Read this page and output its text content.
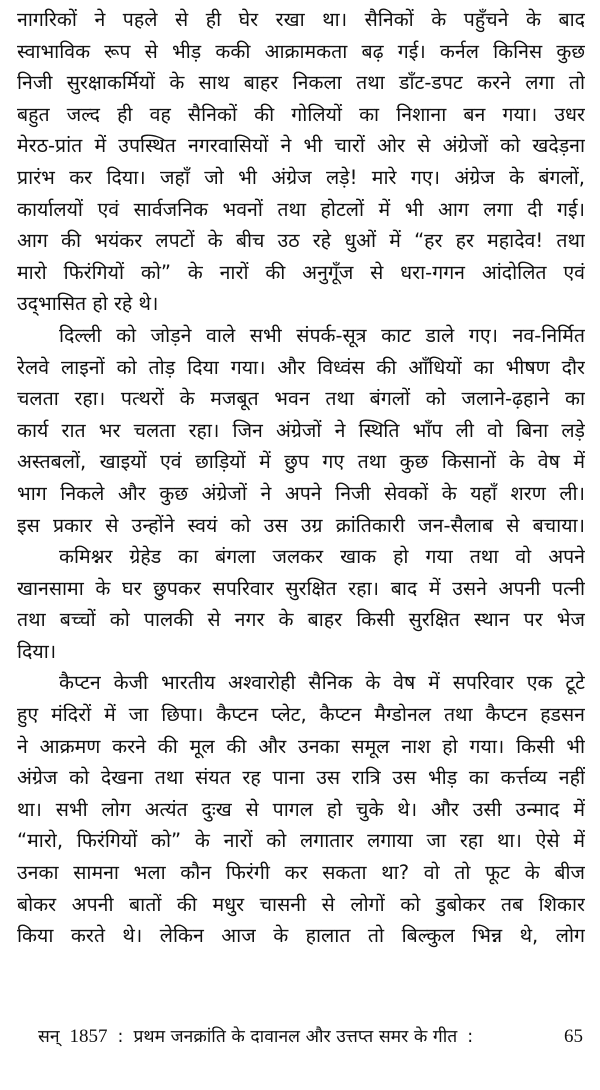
नागरिकों ने पहले से ही घेर रखा था। सैनिकों के पहुँचने के बाद
स्वाभाविक रूप से भीड़ ककी आक्रामकता बढ़ गई। कर्नल किनिस कुछ
निजी सुरक्षाकर्मियों के साथ बाहर निकला तथा डाँट-डपट करने लगा तो
बहुत जल्द ही वह सैनिकों की गोलियों का निशाना बन गया। उधर
मेरठ-प्रांत में उपस्थित नगरवासियों ने भी चारों ओर से अंग्रेजों को खदेड़ना
प्रारंभ कर दिया। जहाँ जो भी अंग्रेज लड़े! मारे गए। अंग्रेज के बंगलों,
कार्यालयों एवं सार्वजनिक भवनों तथा होटलों में भी आग लगा दी गई।
आग की भयंकर लपटों के बीच उठ रहे धुओं में “हर हर महादेव! तथा
मारो फिरंगियों को” के नारों की अनुगूँज से धरा-गगन आंदोलित एवं
उद्‌भासित हो रहे थे।
दिल्ली को जोड़ने वाले सभी संपर्क-सूत्र काट डाले गए। नव-निर्मित
रेलवे लाइनों को तोड़ दिया गया। और विध्वंस की आँधियों का भीषण दौर
चलता रहा। पत्थरों के मजबूत भवन तथा बंगलों को जलाने-ढ़हाने का
कार्य रात भर चलता रहा। जिन अंग्रेजों ने स्थिति भाँप ली वो बिना लड़े
अस्तबलों, खाइयों एवं छाड़ियों में छुप गए तथा कुछ किसानों के वेष में
भाग निकले और कुछ अंग्रेजों ने अपने निजी सेवकों के यहाँ शरण ली।
इस प्रकार से उन्होंने स्वयं को उस उग्र क्रांतिकारी जन-सैलाब से बचाया।
कमिश्नर ग्रेहेड का बंगला जलकर खाक हो गया तथा वो अपने
खानसामा के घर छुपकर सपरिवार सुरक्षित रहा। बाद में उसने अपनी पत्नी
तथा बच्चों को पालकी से नगर के बाहर किसी सुरक्षित स्थान पर भेज
दिया।
कैप्टन केजी भारतीय अश्वारोही सैनिक के वेष में सपरिवार एक टूटे
हुए मंदिरों में जा छिपा। कैप्टन प्लेट, कैप्टन मैग्डोनल तथा कैप्टन हडसन
ने आक्रमण करने की मूल की और उनका समूल नाश हो गया। किसी भी
अंग्रेज को देखना तथा संयत रह पाना उस रात्रि उस भीड़ का कर्त्तव्य नहीं
था। सभी लोग अत्यंत दुःख से पागल हो चुके थे। और उसी उन्माद में
“मारो, फिरंगियों को” के नारों को लगातार लगाया जा रहा था। ऐसे में
उनका सामना भला कौन फिरंगी कर सकता था? वो तो फूट के बीज
बोकर अपनी बातों की मधुर चासनी से लोगों को डुबोकर तब शिकार
किया करते थे। लेकिन आज के हालात तो बिल्कुल भिन्न थे, लोग
सन् 1857 : प्रथम जनक्रांति के दावानल और उत्तप्त समर के गीत :	65
